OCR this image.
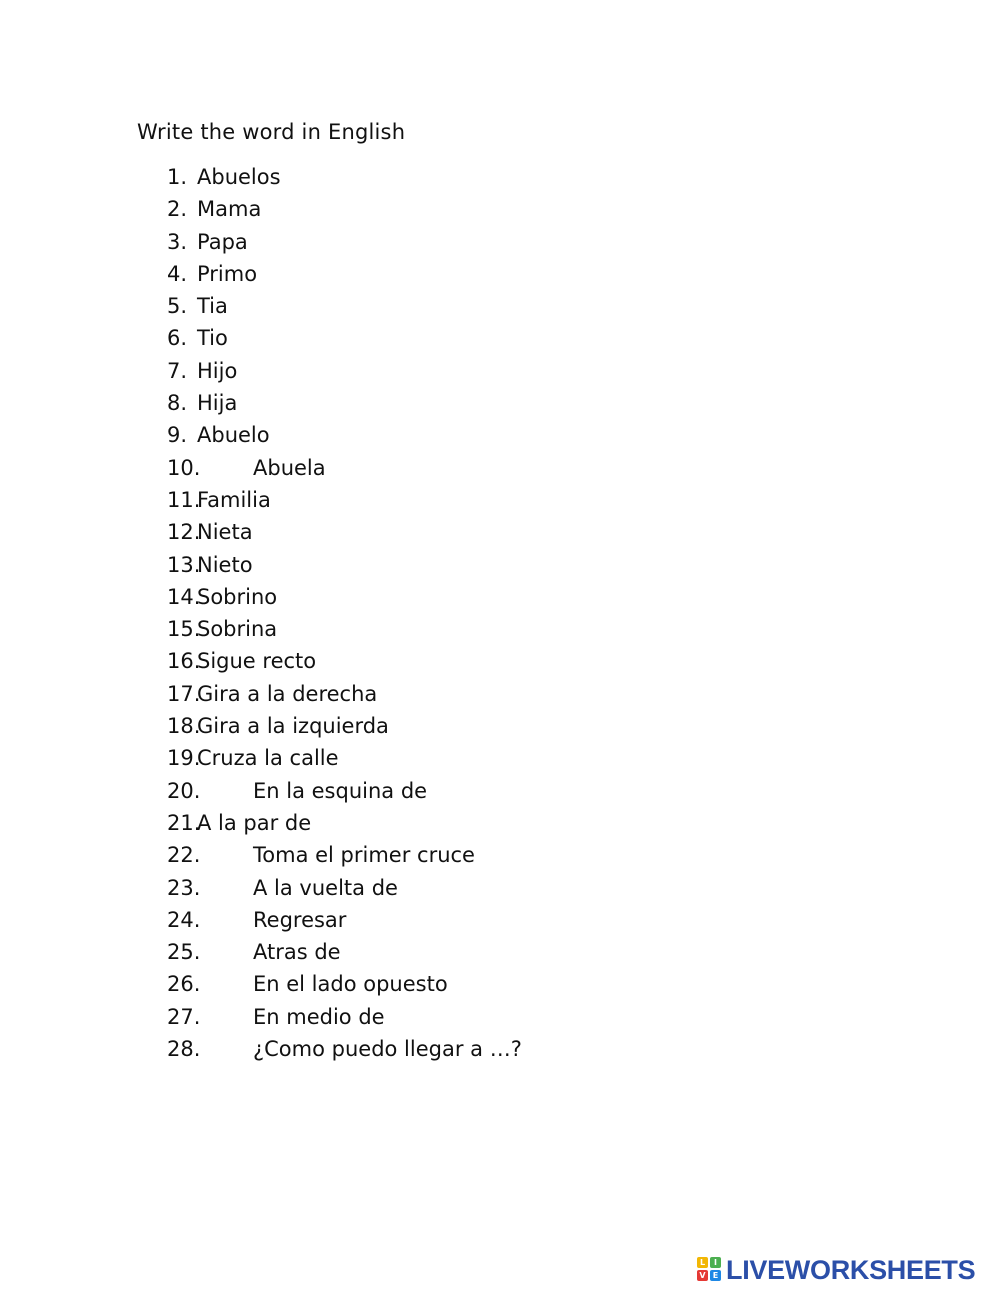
Write the word in English
1. Abuelos
2. Mama
3. Papa
4. Primo
5. Tia
6. Tio
7. Hijo
8. Hija
9. Abuelo
10.	Abuela
11.
Familia
12.
Nieta
13.
Nieto
14.
Sobrino
15.
Sobrina
16.
Sigue recto
17.
Gira a la derecha
18.
Gira a la izquierda
19.
Cruza la calle
20.	En la esquina de
21.
A la par de
22.	Toma el primer cruce
23.	A la vuelta de
24.	Regresar
25.	Atras de
26.	En el lado opuesto
27.	En medio de
28.	¿Como puedo llegar a …?
L	I
V E LIVEWORKSHEETS
